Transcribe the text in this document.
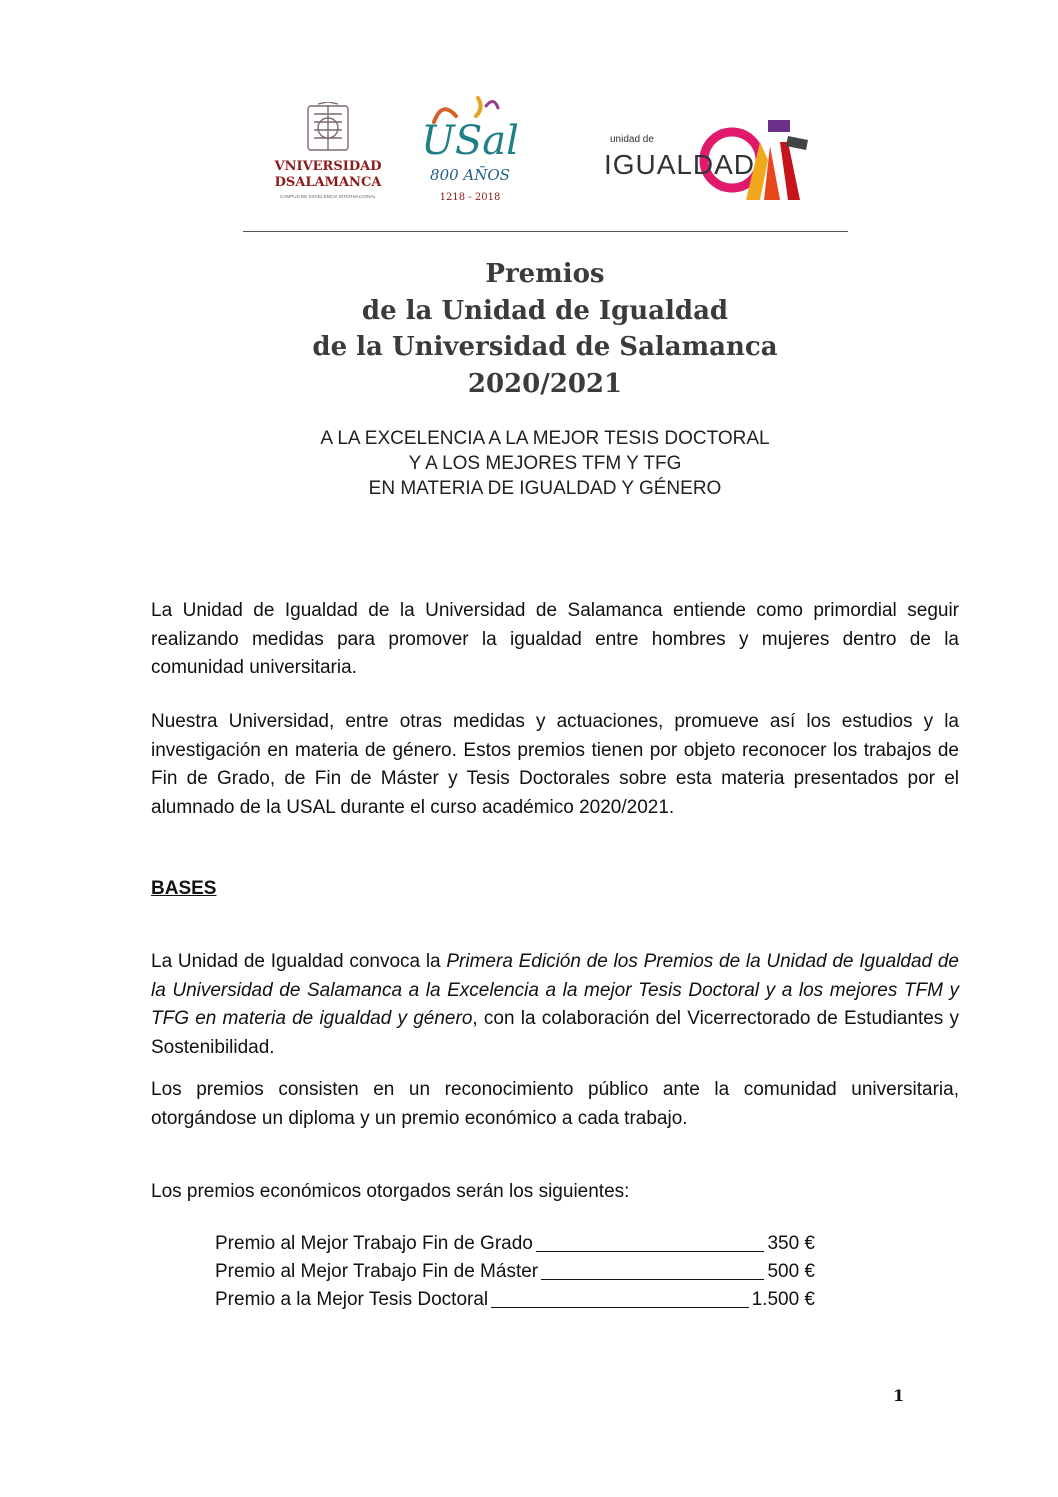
VNIVERSIDAD
DSALAMANCA
CAMPUS DE EXCELENCIA INTERNACIONAL
USal
800 AÑOS
1218 - 2018
unidad de
IGUALDAD
Premios
de la Unidad de Igualdad
de la Universidad de Salamanca
2020/2021
A LA EXCELENCIA A LA MEJOR TESIS DOCTORAL
Y A LOS MEJORES TFM Y TFG
EN MATERIA DE IGUALDAD Y GÉNERO
La Unidad de Igualdad de la Universidad de Salamanca entiende como primordial seguir realizando medidas para promover la igualdad entre hombres y mujeres dentro de la comunidad universitaria.
Nuestra Universidad, entre otras medidas y actuaciones, promueve así los estudios y la investigación en materia de género. Estos premios tienen por objeto reconocer los trabajos de Fin de Grado, de Fin de Máster y Tesis Doctorales sobre esta materia presentados por el alumnado de la USAL durante el curso académico 2020/2021.
BASES
La Unidad de Igualdad convoca la Primera Edición de los Premios de la Unidad de Igualdad de la Universidad de Salamanca a la Excelencia a la mejor Tesis Doctoral y a los mejores TFM y TFG en materia de igualdad y género, con la colaboración del Vicerrectorado de Estudiantes y Sostenibilidad.
Los premios consisten en un reconocimiento público ante la comunidad universitaria, otorgándose un diploma y un premio económico a cada trabajo.
Los premios económicos otorgados serán los siguientes:
Premio al Mejor Trabajo Fin de Grado	350 €
Premio al Mejor Trabajo Fin de Máster	500 €
Premio a la Mejor Tesis Doctoral	1.500 €
1
